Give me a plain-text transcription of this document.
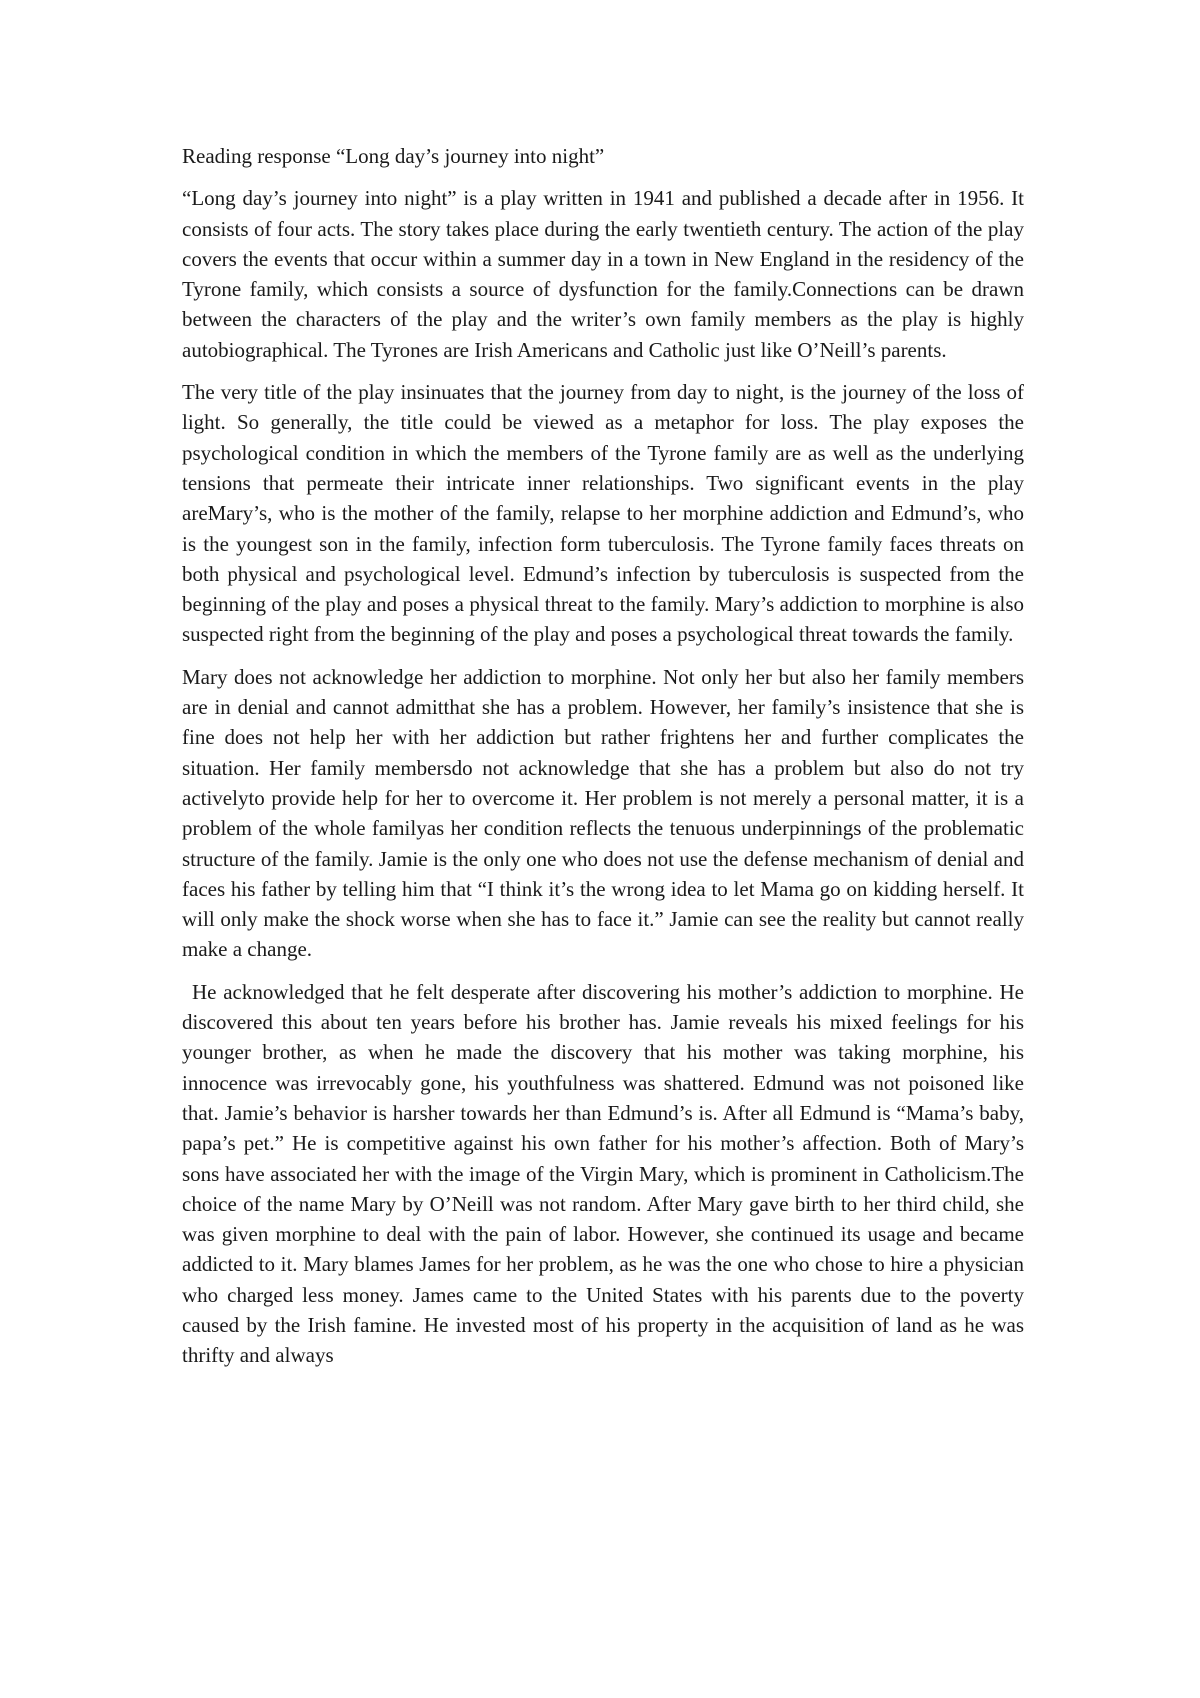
Reading response “Long day’s journey into night”

“Long day’s journey into night” is a play written in 1941 and published a decade after in 1956. It consists of four acts. The story takes place during the early twentieth century. The action of the play covers the events that occur within a summer day in a town in New England in the residency of the Tyrone family, which consists a source of dysfunction for the family.Connections can be drawn between the characters of the play and the writer’s own family members as the play is highly autobiographical. The Tyrones are Irish Americans and Catholic just like O’Neill’s parents.

The very title of the play insinuates that the journey from day to night, is the journey of the loss of light. So generally, the title could be viewed as a metaphor for loss. The play exposes the psychological condition in which the members of the Tyrone family are as well as the underlying tensions that permeate their intricate inner relationships. Two significant events in the play areMary’s, who is the mother of the family, relapse to her morphine addiction and Edmund’s, who is the youngest son in the family, infection form tuberculosis. The Tyrone family faces threats on both physical and psychological level. Edmund’s infection by tuberculosis is suspected from the beginning of the play and poses a physical threat to the family. Mary’s addiction to morphine is also suspected right from the beginning of the play and poses a psychological threat towards the family.

Mary does not acknowledge her addiction to morphine. Not only her but also her family members are in denial and cannot admitthat she has a problem. However, her family’s insistence that she is fine does not help her with her addiction but rather frightens her and further complicates the situation. Her family membersdo not acknowledge that she has a problem but also do not try activelyto provide help for her to overcome it. Her problem is not merely a personal matter, it is a problem of the whole familyas her condition reflects the tenuous underpinnings of the problematic structure of the family. Jamie is the only one who does not use the defense mechanism of denial and faces his father by telling him that “I think it’s the wrong idea to let Mama go on kidding herself. It will only make the shock worse when she has to face it.” Jamie can see the reality but cannot really make a change.

He acknowledged that he felt desperate after discovering his mother’s addiction to morphine. He discovered this about ten years before his brother has. Jamie reveals his mixed feelings for his younger brother, as when he made the discovery that his mother was taking morphine, his innocence was irrevocably gone, his youthfulness was shattered. Edmund was not poisoned like that. Jamie’s behavior is harsher towards her than Edmund’s is. After all Edmund is “Mama’s baby, papa’s pet.” He is competitive against his own father for his mother’s affection. Both of Mary’s sons have associated her with the image of the Virgin Mary, which is prominent in Catholicism.The choice of the name Mary by O’Neill was not random. After Mary gave birth to her third child, she was given morphine to deal with the pain of labor. However, she continued its usage and became addicted to it. Mary blames James for her problem, as he was the one who chose to hire a physician who charged less money. James came to the United States with his parents due to the poverty caused by the Irish famine. He invested most of his property in the acquisition of land as he was thrifty and always
